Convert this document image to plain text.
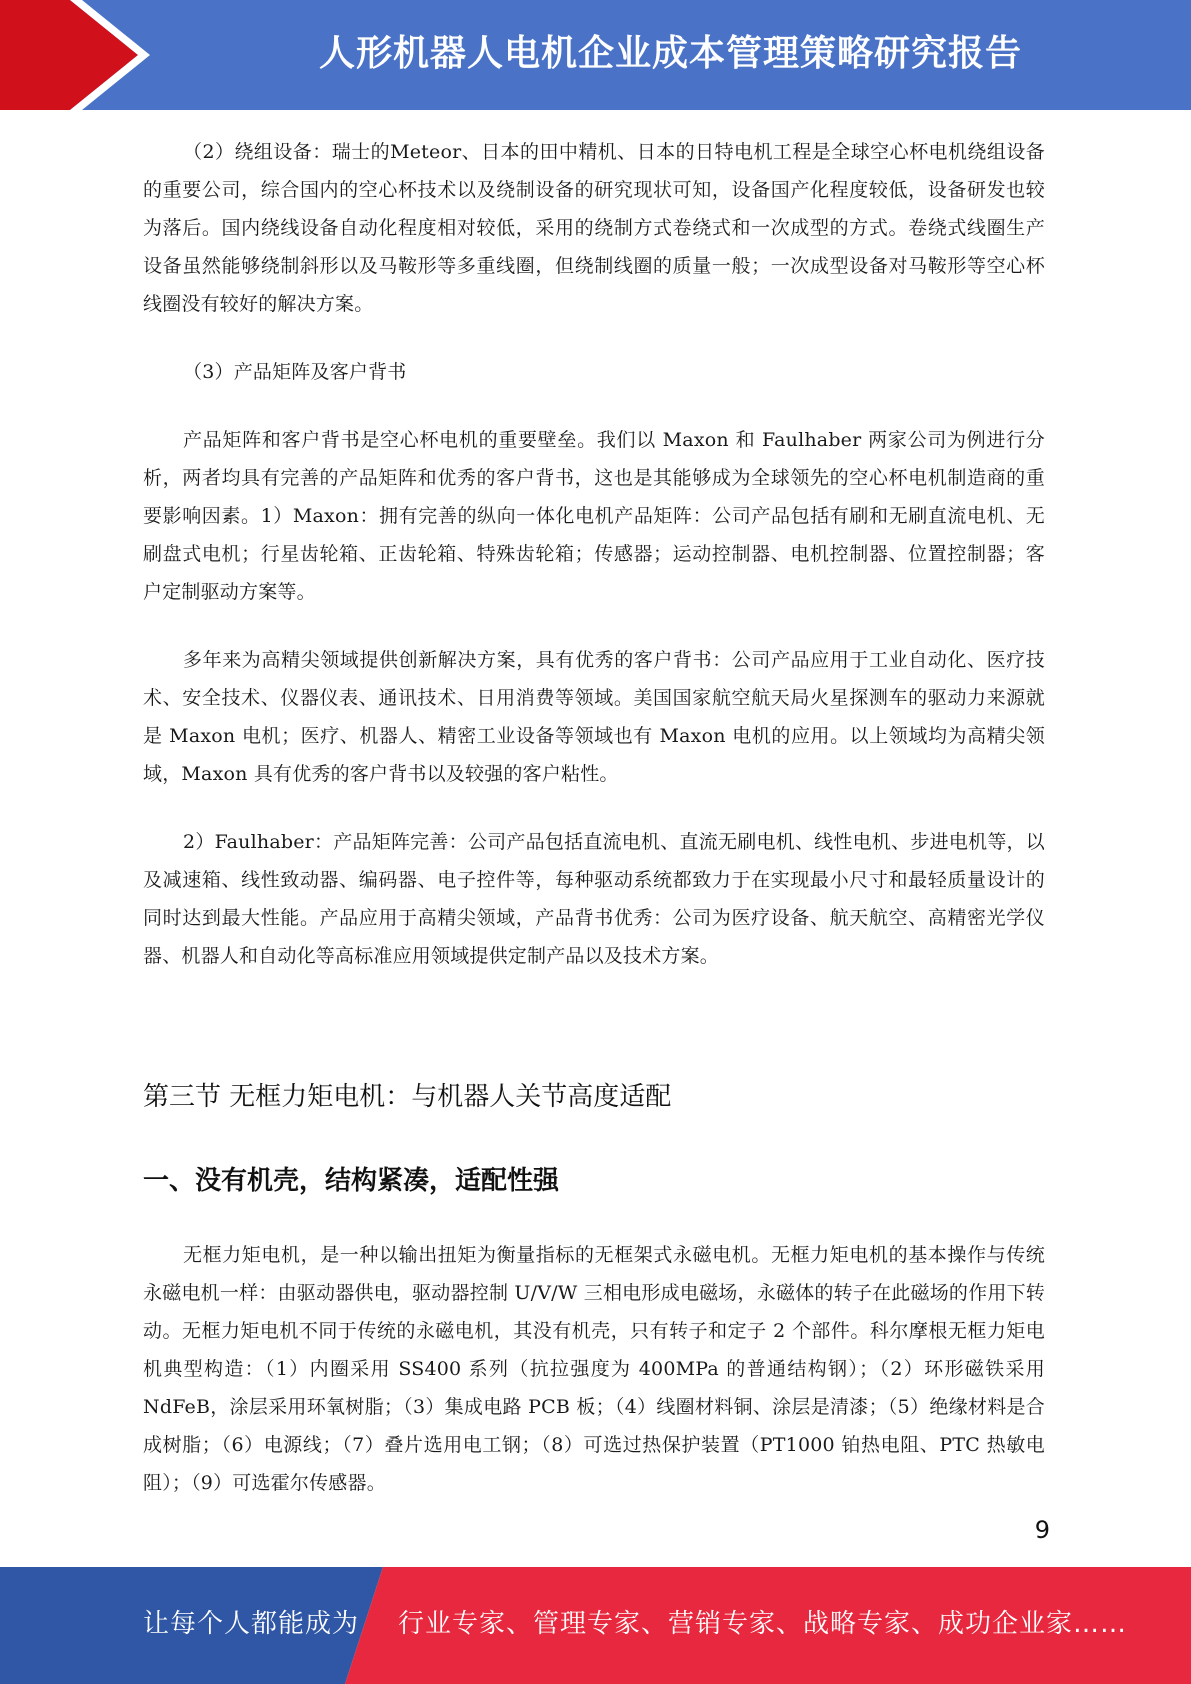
人形机器人电机企业成本管理策略研究报告

（2）绕组设备：瑞士的Meteor、日本的田中精机、日本的日特电机工程是全球空心杯电机绕组设备的重要公司，综合国内的空心杯技术以及绕制设备的研究现状可知，设备国产化程度较低，设备研发也较为落后。国内绕线设备自动化程度相对较低，采用的绕制方式卷绕式和一次成型的方式。卷绕式线圈生产设备虽然能够绕制斜形以及马鞍形等多重线圈，但绕制线圈的质量一般；一次成型设备对马鞍形等空心杯线圈没有较好的解决方案。

（3）产品矩阵及客户背书

产品矩阵和客户背书是空心杯电机的重要壁垒。我们以 Maxon 和 Faulhaber 两家公司为例进行分析，两者均具有完善的产品矩阵和优秀的客户背书，这也是其能够成为全球领先的空心杯电机制造商的重要影响因素。1）Maxon：拥有完善的纵向一体化电机产品矩阵：公司产品包括有刷和无刷直流电机、无刷盘式电机；行星齿轮箱、正齿轮箱、特殊齿轮箱；传感器；运动控制器、电机控制器、位置控制器；客户定制驱动方案等。

多年来为高精尖领域提供创新解决方案，具有优秀的客户背书：公司产品应用于工业自动化、医疗技术、安全技术、仪器仪表、通讯技术、日用消费等领域。美国国家航空航天局火星探测车的驱动力来源就是 Maxon 电机；医疗、机器人、精密工业设备等领域也有 Maxon 电机的应用。以上领域均为高精尖领域，Maxon 具有优秀的客户背书以及较强的客户粘性。

2）Faulhaber：产品矩阵完善：公司产品包括直流电机、直流无刷电机、线性电机、步进电机等，以及减速箱、线性致动器、编码器、电子控件等，每种驱动系统都致力于在实现最小尺寸和最轻质量设计的同时达到最大性能。产品应用于高精尖领域，产品背书优秀：公司为医疗设备、航天航空、高精密光学仪器、机器人和自动化等高标准应用领域提供定制产品以及技术方案。

第三节 无框力矩电机：与机器人关节高度适配
一、没有机壳，结构紧凑，适配性强

无框力矩电机，是一种以输出扭矩为衡量指标的无框架式永磁电机。无框力矩电机的基本操作与传统永磁电机一样：由驱动器供电，驱动器控制 U/V/W 三相电形成电磁场，永磁体的转子在此磁场的作用下转动。无框力矩电机不同于传统的永磁电机，其没有机壳，只有转子和定子 2 个部件。科尔摩根无框力矩电机典型构造：（1）内圈采用 SS400 系列（抗拉强度为 400MPa 的普通结构钢）；（2）环形磁铁采用 NdFeB，涂层采用环氧树脂；（3）集成电路 PCB 板；（4）线圈材料铜、涂层是清漆；（5）绝缘材料是合成树脂；（6）电源线；（7）叠片选用电工钢；（8）可选过热保护装置（PT1000 铂热电阻、PTC 热敏电阻）；（9）可选霍尔传感器。

9
让每个人都能成为 行业专家、管理专家、营销专家、战略专家、成功企业家……
